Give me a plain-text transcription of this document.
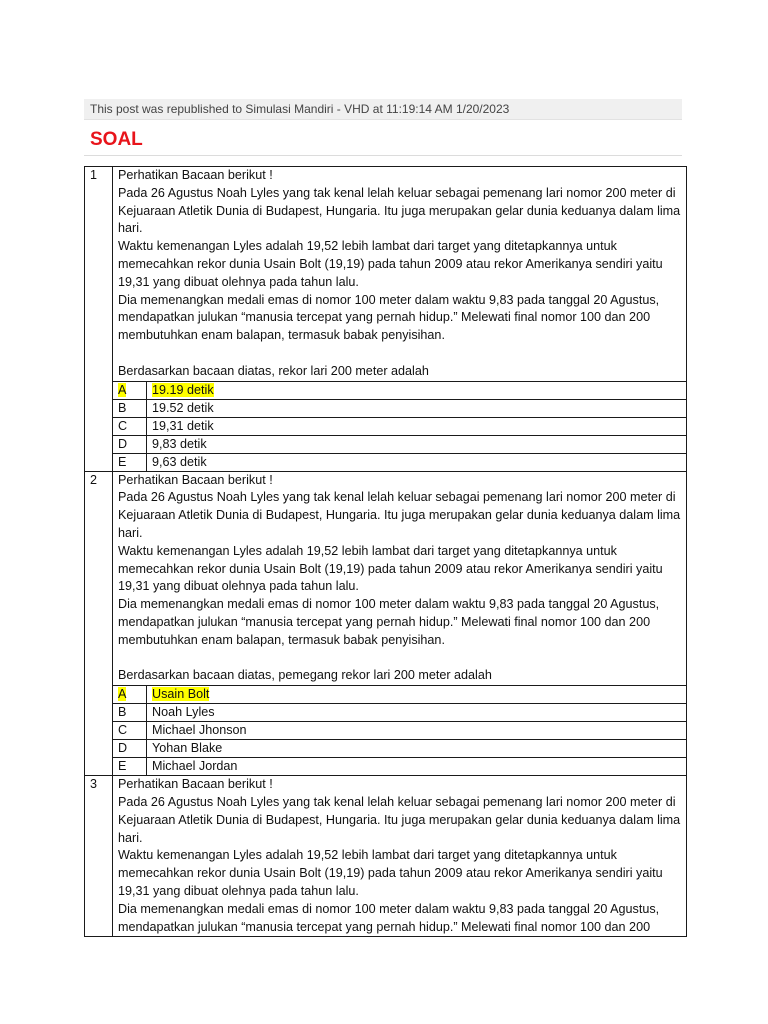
This post was republished to Simulasi Mandiri - VHD at 11:19:14 AM 1/20/2023
SOAL
1	Perhatikan Bacaan berikut !
Pada 26 Agustus Noah Lyles yang tak kenal lelah keluar sebagai pemenang lari nomor 200 meter di Kejuaraan Atletik Dunia di Budapest, Hungaria. Itu juga merupakan gelar dunia keduanya dalam lima hari.
Waktu kemenangan Lyles adalah 19,52 lebih lambat dari target yang ditetapkannya untuk memecahkan rekor dunia Usain Bolt (19,19) pada tahun 2009 atau rekor Amerikanya sendiri yaitu 19,31 yang dibuat olehnya pada tahun lalu.
Dia memenangkan medali emas di nomor 100 meter dalam waktu 9,83 pada tanggal 20 Agustus, mendapatkan julukan “manusia tercepat yang pernah hidup.” Melewati final nomor 100 dan 200 membutuhkan enam balapan, termasuk babak penyisihan.
Berdasarkan bacaan diatas, rekor lari 200 meter adalah	

	A	19.19 detik
	B	19.52 detik
	C	19,31 detik
	D	9,83 detik
	E	9,63 detik
2	Perhatikan Bacaan berikut !
Pada 26 Agustus Noah Lyles yang tak kenal lelah keluar sebagai pemenang lari nomor 200 meter di Kejuaraan Atletik Dunia di Budapest, Hungaria. Itu juga merupakan gelar dunia keduanya dalam lima hari.
Waktu kemenangan Lyles adalah 19,52 lebih lambat dari target yang ditetapkannya untuk memecahkan rekor dunia Usain Bolt (19,19) pada tahun 2009 atau rekor Amerikanya sendiri yaitu 19,31 yang dibuat olehnya pada tahun lalu.
Dia memenangkan medali emas di nomor 100 meter dalam waktu 9,83 pada tanggal 20 Agustus, mendapatkan julukan “manusia tercepat yang pernah hidup.” Melewati final nomor 100 dan 200 membutuhkan enam balapan, termasuk babak penyisihan.
Berdasarkan bacaan diatas, pemegang rekor lari 200 meter adalah	

	A	Usain Bolt
	B	Noah Lyles
	C	Michael Jhonson
	D	Yohan Blake
	E	Michael Jordan
3	Perhatikan Bacaan berikut !
Pada 26 Agustus Noah Lyles yang tak kenal lelah keluar sebagai pemenang lari nomor 200 meter di Kejuaraan Atletik Dunia di Budapest, Hungaria. Itu juga merupakan gelar dunia keduanya dalam lima hari.
Waktu kemenangan Lyles adalah 19,52 lebih lambat dari target yang ditetapkannya untuk memecahkan rekor dunia Usain Bolt (19,19) pada tahun 2009 atau rekor Amerikanya sendiri yaitu 19,31 yang dibuat olehnya pada tahun lalu.
Dia memenangkan medali emas di nomor 100 meter dalam waktu 9,83 pada tanggal 20 Agustus, mendapatkan julukan “manusia tercepat yang pernah hidup.” Melewati final nomor 100 dan 200	
